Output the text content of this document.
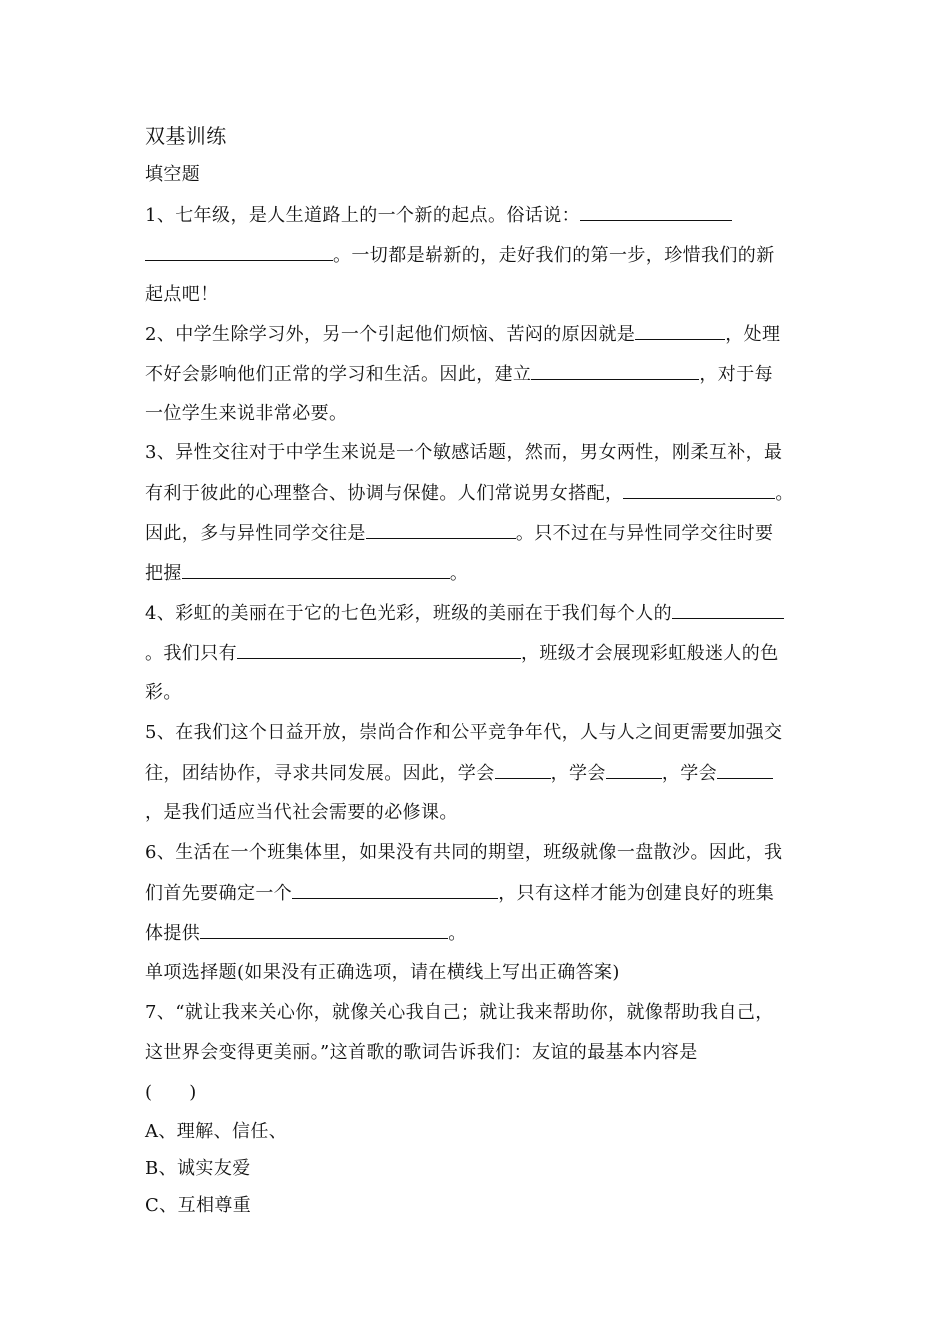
双基训练
填空题
1、七年级，是人生道路上的一个新的起点。俗话说：
。一切都是崭新的，走好我们的第一步，珍惜我们的新
起点吧！
2、中学生除学习外，另一个引起他们烦恼、苦闷的原因就是	，处理
不好会影响他们正常的学习和生活。因此，建立	，对于每
一位学生来说非常必要。
3、异性交往对于中学生来说是一个敏感话题，然而，男女两性，刚柔互补，最
有利于彼此的心理整合、协调与保健。人们常说男女搭配，	。
因此，多与异性同学交往是	。只不过在与异性同学交往时要
把握	。
4、彩虹的美丽在于它的七色光彩，班级的美丽在于我们每个人的
。我们只有	，班级才会展现彩虹般迷人的色
彩。
5、在我们这个日益开放，崇尚合作和公平竞争年代，人与人之间更需要加强交
往，团结协作，寻求共同发展。因此，学会	，学会	，学会
，是我们适应当代社会需要的必修课。
6、生活在一个班集体里，如果没有共同的期望，班级就像一盘散沙。因此，我
们首先要确定一个	，只有这样才能为创建良好的班集
体提供	。
单项选择题(如果没有正确选项，请在横线上写出正确答案)
7、“就让我来关心你，就像关心我自己；就让我来帮助你，就像帮助我自己，
这世界会变得更美丽。”这首歌的歌词告诉我们：友谊的最基本内容是
(　　)
A、理解、信任、
B、诚实友爱
C、互相尊重
